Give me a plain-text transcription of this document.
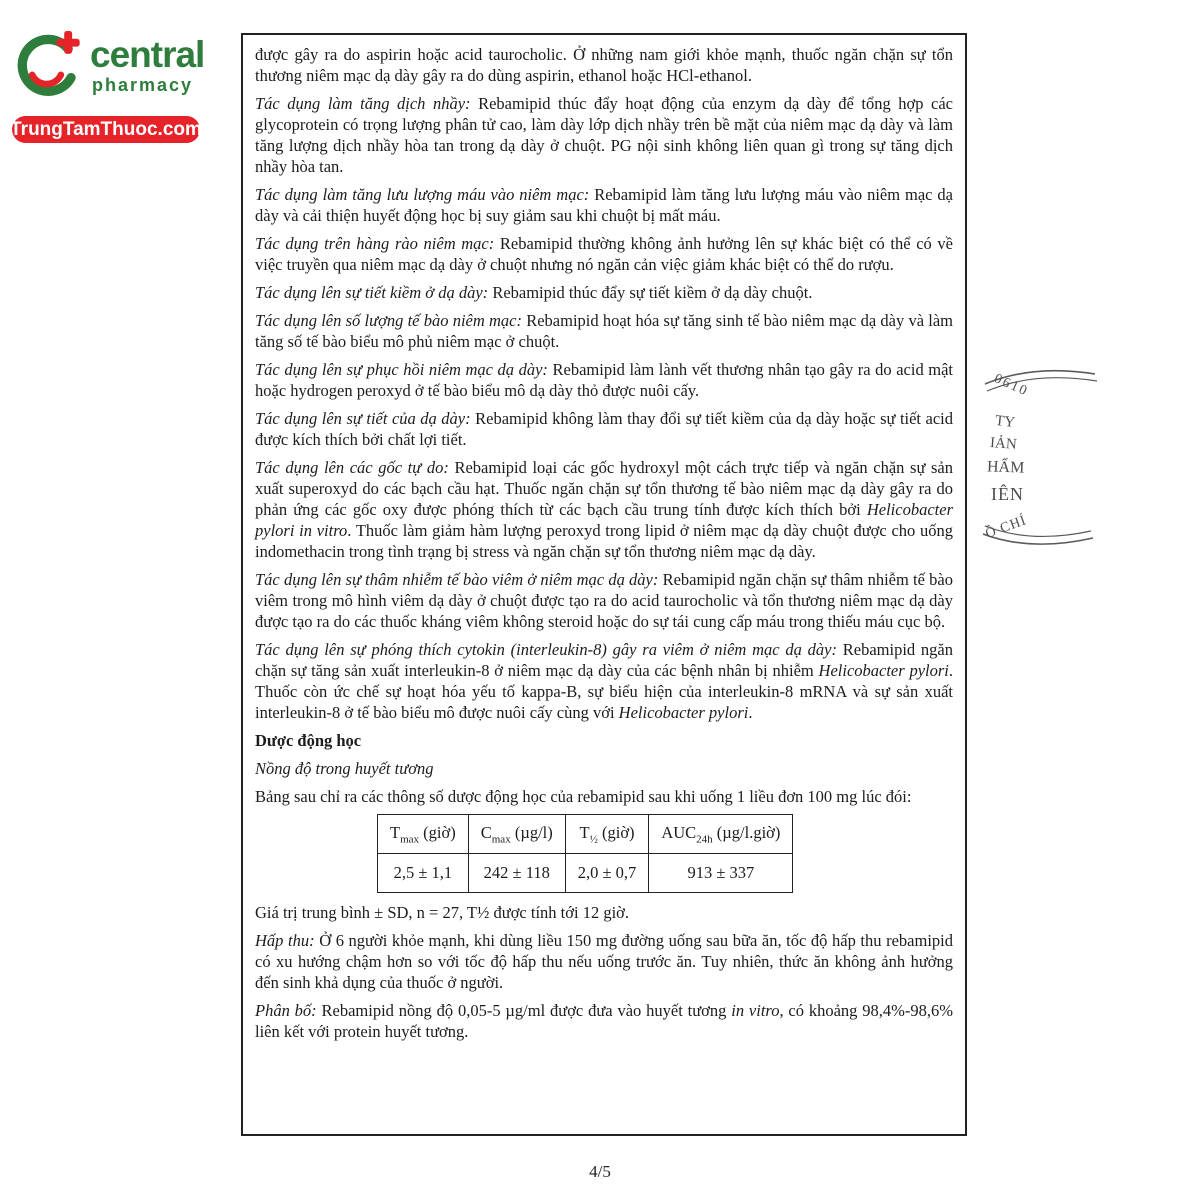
central
pharmacy
TrungTamThuoc.com

được gây ra do aspirin hoặc acid taurocholic. Ở những nam giới khỏe mạnh, thuốc ngăn chặn sự tổn thương niêm mạc dạ dày gây ra do dùng aspirin, ethanol hoặc HCl-ethanol.

Tác dụng làm tăng dịch nhầy: Rebamipid thúc đẩy hoạt động của enzym dạ dày để tổng hợp các glycoprotein có trọng lượng phân tử cao, làm dày lớp dịch nhầy trên bề mặt của niêm mạc dạ dày và làm tăng lượng dịch nhầy hòa tan trong dạ dày ở chuột. PG nội sinh không liên quan gì trong sự tăng dịch nhầy hòa tan.

Tác dụng làm tăng lưu lượng máu vào niêm mạc: Rebamipid làm tăng lưu lượng máu vào niêm mạc dạ dày và cải thiện huyết động học bị suy giảm sau khi chuột bị mất máu.

Tác dụng trên hàng rào niêm mạc: Rebamipid thường không ảnh hưởng lên sự khác biệt có thể có về việc truyền qua niêm mạc dạ dày ở chuột nhưng nó ngăn cản việc giảm khác biệt có thể do rượu.

Tác dụng lên sự tiết kiềm ở dạ dày: Rebamipid thúc đẩy sự tiết kiềm ở dạ dày chuột.

Tác dụng lên số lượng tế bào niêm mạc: Rebamipid hoạt hóa sự tăng sinh tế bào niêm mạc dạ dày và làm tăng số tế bào biểu mô phủ niêm mạc ở chuột.

Tác dụng lên sự phục hồi niêm mạc dạ dày: Rebamipid làm lành vết thương nhân tạo gây ra do acid mật hoặc hydrogen peroxyd ở tế bào biểu mô dạ dày thỏ được nuôi cấy.

Tác dụng lên sự tiết của dạ dày: Rebamipid không làm thay đổi sự tiết kiềm của dạ dày hoặc sự tiết acid được kích thích bởi chất lợi tiết.

Tác dụng lên các gốc tự do: Rebamipid loại các gốc hydroxyl một cách trực tiếp và ngăn chặn sự sản xuất superoxyd do các bạch cầu hạt. Thuốc ngăn chặn sự tổn thương tế bào niêm mạc dạ dày gây ra do phản ứng các gốc oxy được phóng thích từ các bạch cầu trung tính được kích thích bởi Helicobacter pylori in vitro. Thuốc làm giảm hàm lượng peroxyd trong lipid ở niêm mạc dạ dày chuột được cho uống indomethacin trong tình trạng bị stress và ngăn chặn sự tổn thương niêm mạc dạ dày.

Tác dụng lên sự thâm nhiễm tế bào viêm ở niêm mạc dạ dày: Rebamipid ngăn chặn sự thâm nhiễm tế bào viêm trong mô hình viêm dạ dày ở chuột được tạo ra do acid taurocholic và tổn thương niêm mạc dạ dày được tạo ra do các thuốc kháng viêm không steroid hoặc do sự tái cung cấp máu trong thiếu máu cục bộ.

Tác dụng lên sự phóng thích cytokin (interleukin-8) gây ra viêm ở niêm mạc dạ dày: Rebamipid ngăn chặn sự tăng sản xuất interleukin-8 ở niêm mạc dạ dày của các bệnh nhân bị nhiễm Helicobacter pylori. Thuốc còn ức chế sự hoạt hóa yếu tố kappa-B, sự biểu hiện của interleukin-8 mRNA và sự sản xuất interleukin-8 ở tế bào biểu mô được nuôi cấy cùng với Helicobacter pylori.

Dược động học

Nồng độ trong huyết tương

Bảng sau chỉ ra các thông số dược động học của rebamipid sau khi uống 1 liều đơn 100 mg lúc đói:

$T_{max}$ (giờ)	$C_{max}$ (µg/l)	$T_{\frac{1}{2}}$ (giờ)	$AUC_{24h}$ (µg/l.giờ)
2,5 ± 1,1	242 ± 118	2,0 ± 0,7	913 ± 337

Giá trị trung bình ± SD, n = 27, T½ được tính tới 12 giờ.

Hấp thu: Ở 6 người khỏe mạnh, khi dùng liều 150 mg đường uống sau bữa ăn, tốc độ hấp thu rebamipid có xu hướng chậm hơn so với tốc độ hấp thu nếu uống trước ăn. Tuy nhiên, thức ăn không ảnh hưởng đến sinh khả dụng của thuốc ở người.

Phân bố: Rebamipid nồng độ 0,05-5 µg/ml được đưa vào huyết tương in vitro, có khoảng 98,4%-98,6% liên kết với protein huyết tương.

0610
TY
IẢN
HẨM
IÊN
Ồ CHÍ
4/5
